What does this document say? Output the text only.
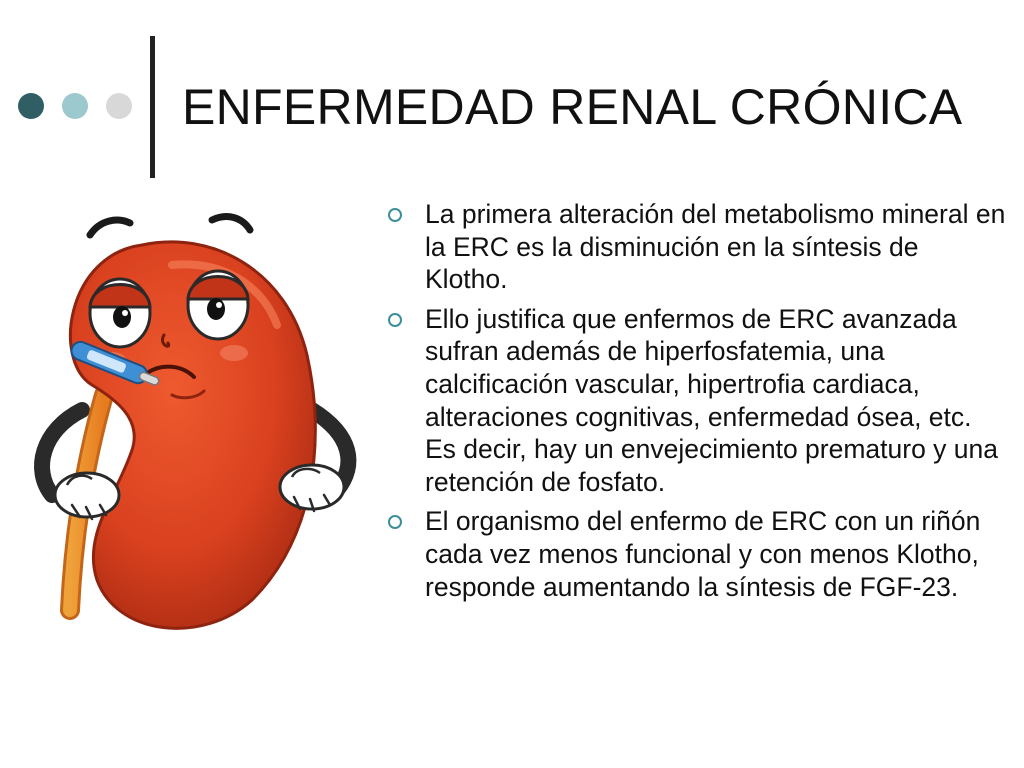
ENFERMEDAD RENAL CRÓNICA
La primera alteración del metabolismo mineral en la ERC es la disminución en la síntesis de Klotho.
Ello justifica que enfermos de ERC avanzada sufran además de hiperfosfatemia, una calcificación vascular, hipertrofia cardiaca, alteraciones cognitivas, enfermedad ósea, etc. Es decir, hay un envejecimiento prematuro y una retención de fosfato.
El organismo del enfermo de ERC con un riñón cada vez menos funcional y con menos Klotho, responde aumentando la síntesis de FGF-23.
